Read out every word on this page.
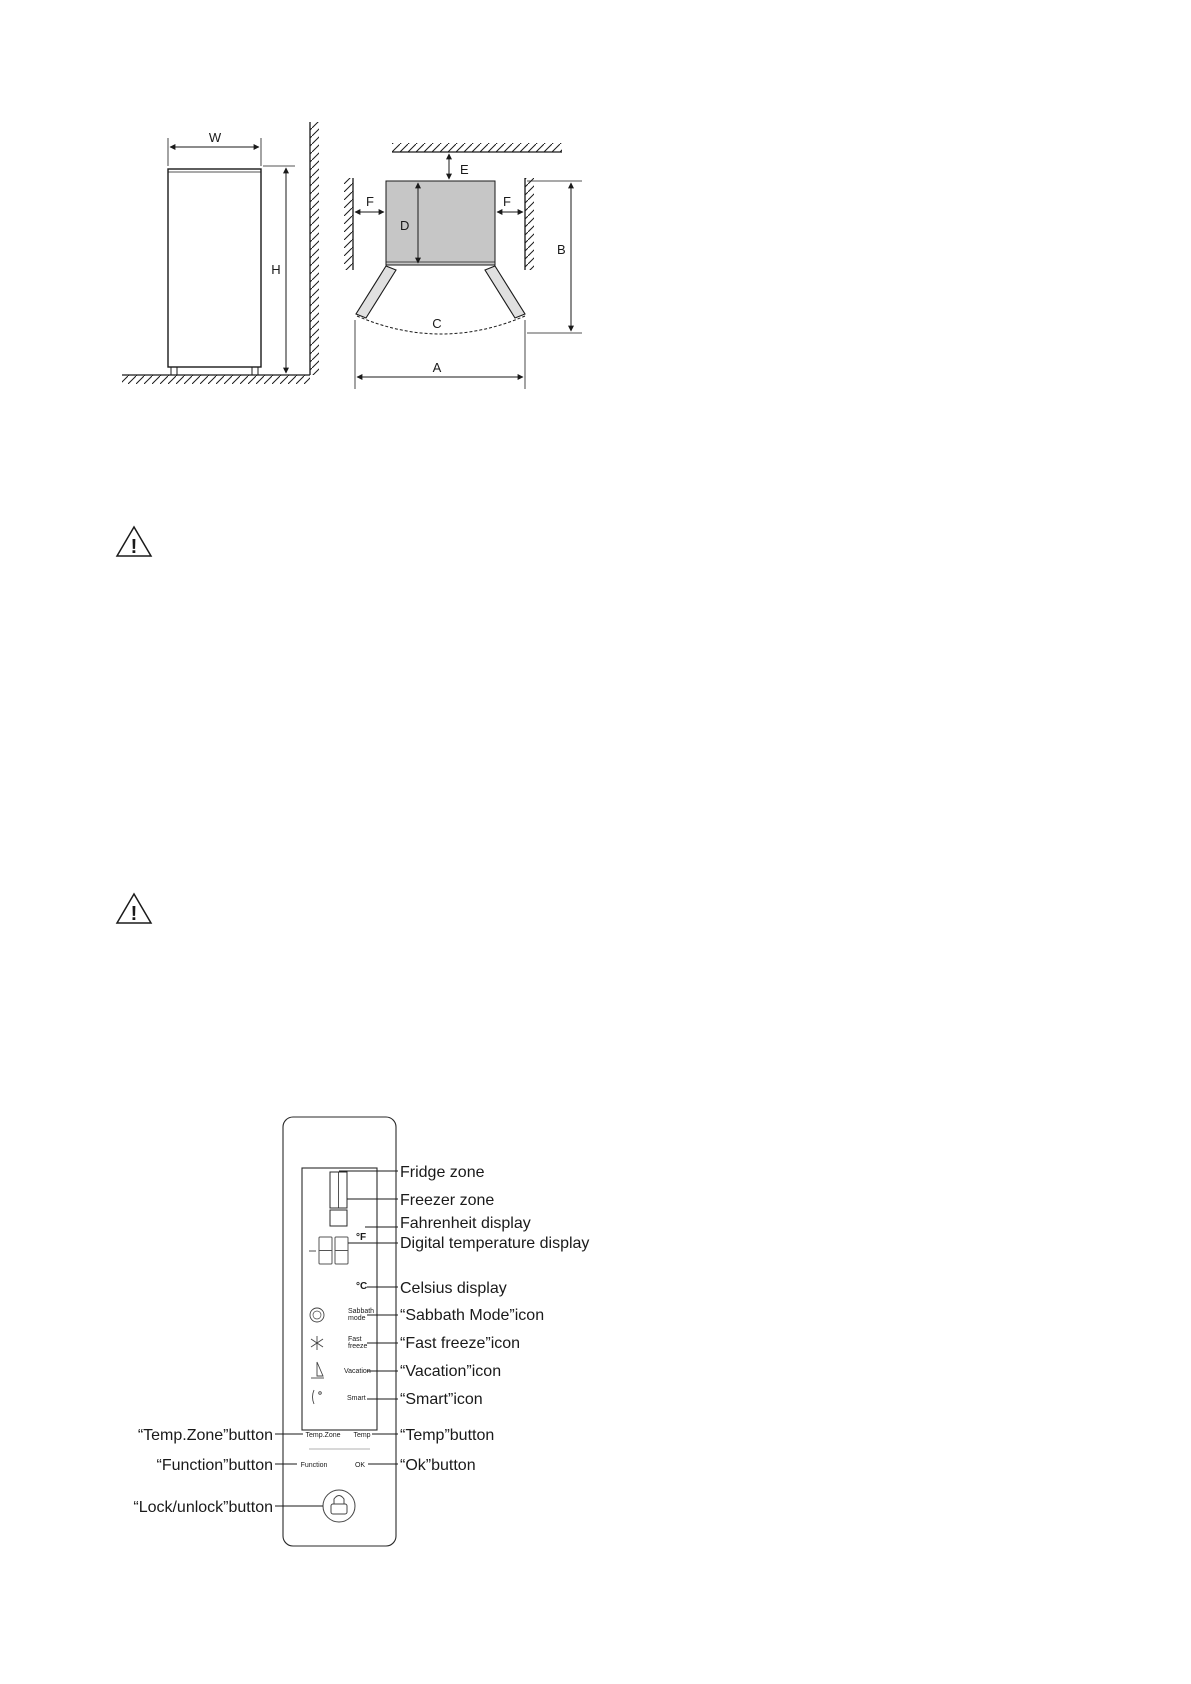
W
H
C
E
F	F
D
B
A
!
!
°F
°C
Sabbath
mode
Fast
freeze
Vacation
Smart
Temp.Zone Temp
Function	OK
Fridge zone
Freezer zone
Fahrenheit display
Digital temperature display
Celsius display
“Sabbath Mode”icon
“Fast freeze”icon
“Vacation”icon
“Smart”icon
“Temp”button
“Ok”button
“Temp.Zone”button
“Function”button
“Lock/unlock”button
